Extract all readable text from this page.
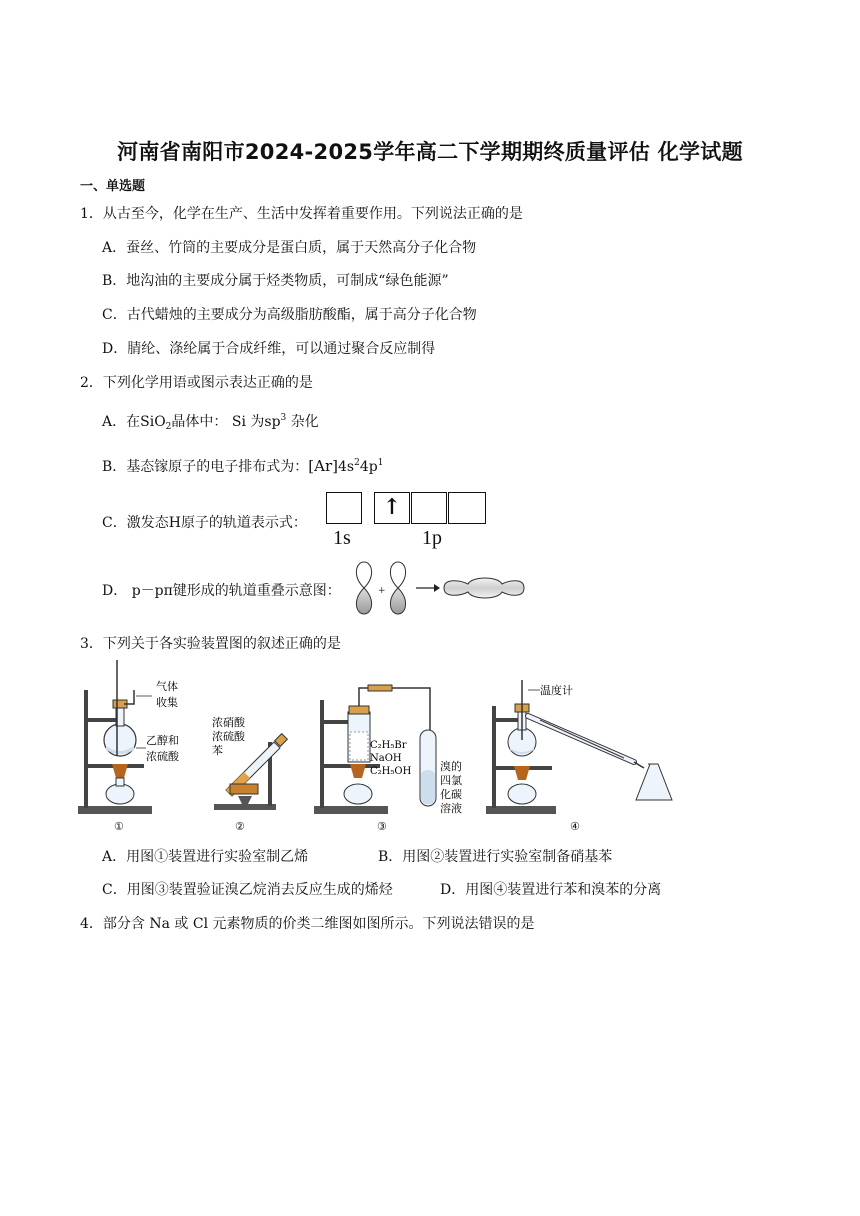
河南省南阳市2024-2025学年高二下学期期终质量评估 化学试题
一、单选题
1．从古至今，化学在生产、生活中发挥着重要作用。下列说法正确的是
A．蚕丝、竹筒的主要成分是蛋白质，属于天然高分子化合物
B．地沟油的主要成分属于烃类物质，可制成“绿色能源”
C．古代蜡烛的主要成分为高级脂肪酸酯，属于高分子化合物
D．腈纶、涤纶属于合成纤维，可以通过聚合反应制得
2．下列化学用语或图示表达正确的是
A．在SiO$_2$晶体中： Si 为$sp^3$ 杂化
B．基态镓原子的电子排布式为：$[Ar]4s^24p^1$
C．激发态H原子的轨道表示式：
↑
1s	1p
D． p－pπ键形成的轨道重叠示意图：	+
3．下列关于各实验装置图的叙述正确的是
气体
收集
乙醇和
浓硫酸
①
浓硝酸
浓硫酸
苯
②
C₂H₅Br
NaOH
C₂H₅OH	溴的
四氯
化碳
溶液
③
温度计
④
A．用图①装置进行实验室制乙烯	B．用图②装置进行实验室制备硝基苯
C．用图③装置验证溴乙烷消去反应生成的烯烃	D．用图④装置进行苯和溴苯的分离
4．部分含 Na 或 Cl 元素物质的价类二维图如图所示。下列说法错误的是
